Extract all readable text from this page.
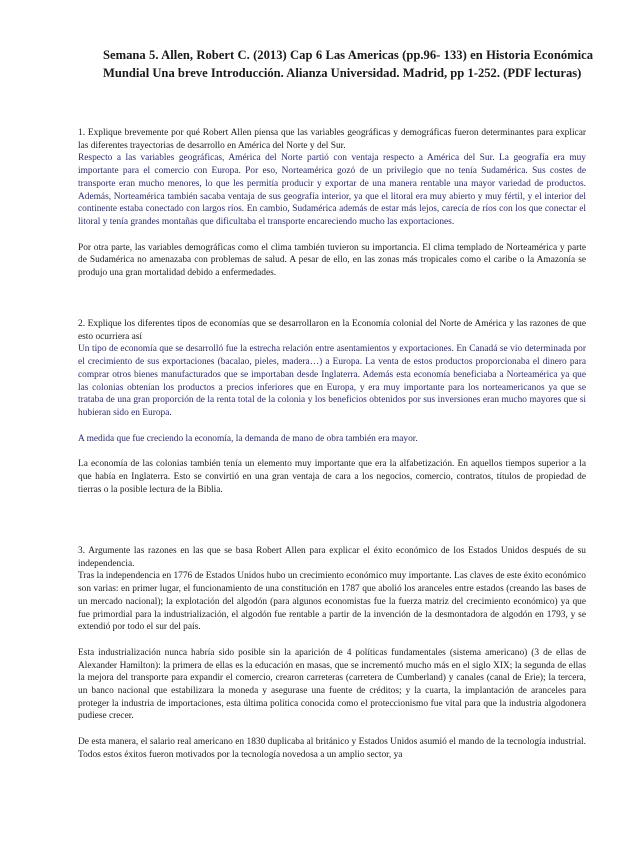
Semana 5. Allen, Robert C. (2013) Cap 6 Las Americas (pp.96- 133) en Historia Económica Mundial Una breve Introducción. Alianza Universidad. Madrid, pp 1-252. (PDF lecturas)

1. Explique brevemente por qué Robert Allen piensa que las variables geográficas y demográficas fueron determinantes para explicar las diferentes trayectorias de desarrollo en América del Norte y del Sur.

Respecto a las variables geográficas, América del Norte partió con ventaja respecto a América del Sur. La geografía era muy importante para el comercio con Europa. Por eso, Norteamérica gozó de un privilegio que no tenía Sudamérica. Sus costes de transporte eran mucho menores, lo que les permitía producir y exportar de una manera rentable una mayor variedad de productos. Además, Norteamérica también sacaba ventaja de sus geografía interior, ya que el litoral era muy abierto y muy fértil, y el interior del continente estaba conectado con largos ríos. En cambio, Sudamérica además de estar más lejos, carecía de ríos con los que conectar el litoral y tenía grandes montañas que dificultaba el transporte encareciendo mucho las exportaciones.

Por otra parte, las variables demográficas como el clima también tuvieron su importancia. El clima templado de Norteamérica y parte de Sudamérica no amenazaba con problemas de salud. A pesar de ello, en las zonas más tropicales como el caribe o la Amazonía se produjo una gran mortalidad debido a enfermedades.

2. Explique los diferentes tipos de economías que se desarrollaron en la Economía colonial del Norte de América y las razones de que esto ocurriera así

Un tipo de economía que se desarrolló fue la estrecha relación entre asentamientos y exportaciones. En Canadá se vio determinada por el crecimiento de sus exportaciones (bacalao, pieles, madera…) a Europa. La venta de estos productos proporcionaba el dinero para comprar otros bienes manufacturados que se importaban desde Inglaterra. Además esta economía beneficiaba a Norteamérica ya que las colonias obtenían los productos a precios inferiores que en Europa, y era muy importante para los norteamericanos ya que se trataba de una gran proporción de la renta total de la colonia y los beneficios obtenidos por sus inversiones eran mucho mayores que si hubieran sido en Europa.

A medida que fue creciendo la economía, la demanda de mano de obra también era mayor.

La economía de las colonias también tenía un elemento muy importante que era la alfabetización. En aquellos tiempos superior a la que había en Inglaterra. Esto se convirtió en una gran ventaja de cara a los negocios, comercio, contratos, títulos de propiedad de tierras o la posible lectura de la Biblia.

3. Argumente las razones en las que se basa Robert Allen para explicar el éxito económico de los Estados Unidos después de su independencia.

Tras la independencia en 1776 de Estados Unidos hubo un crecimiento económico muy importante. Las claves de este éxito económico son varias: en primer lugar, el funcionamiento de una constitución en 1787 que abolió los aranceles entre estados (creando las bases de un mercado nacional); la explotación del algodón (para algunos economistas fue la fuerza matriz del crecimiento económico) ya que fue primordial para la industrialización, el algodón fue rentable a partir de la invención de la desmontadora de algodón en 1793, y se extendió por todo el sur del país.

Esta industrialización nunca habría sido posible sin la aparición de 4 políticas fundamentales (sistema americano) (3 de ellas de Alexander Hamilton): la primera de ellas es la educación en masas, que se incrementó mucho más en el siglo XIX; la segunda de ellas la mejora del transporte para expandir el comercio, crearon carreteras (carretera de Cumberland) y canales (canal de Erie); la tercera, un banco nacional que estabilizara la moneda y asegurase una fuente de créditos; y la cuarta, la implantación de aranceles para proteger la industria de importaciones, esta última política conocida como el proteccionismo fue vital para que la industria algodonera pudiese crecer.

De esta manera, el salario real americano en 1830 duplicaba al británico y Estados Unidos asumió el mando de la tecnología industrial. Todos estos éxitos fueron motivados por la tecnología novedosa a un amplio sector, ya
